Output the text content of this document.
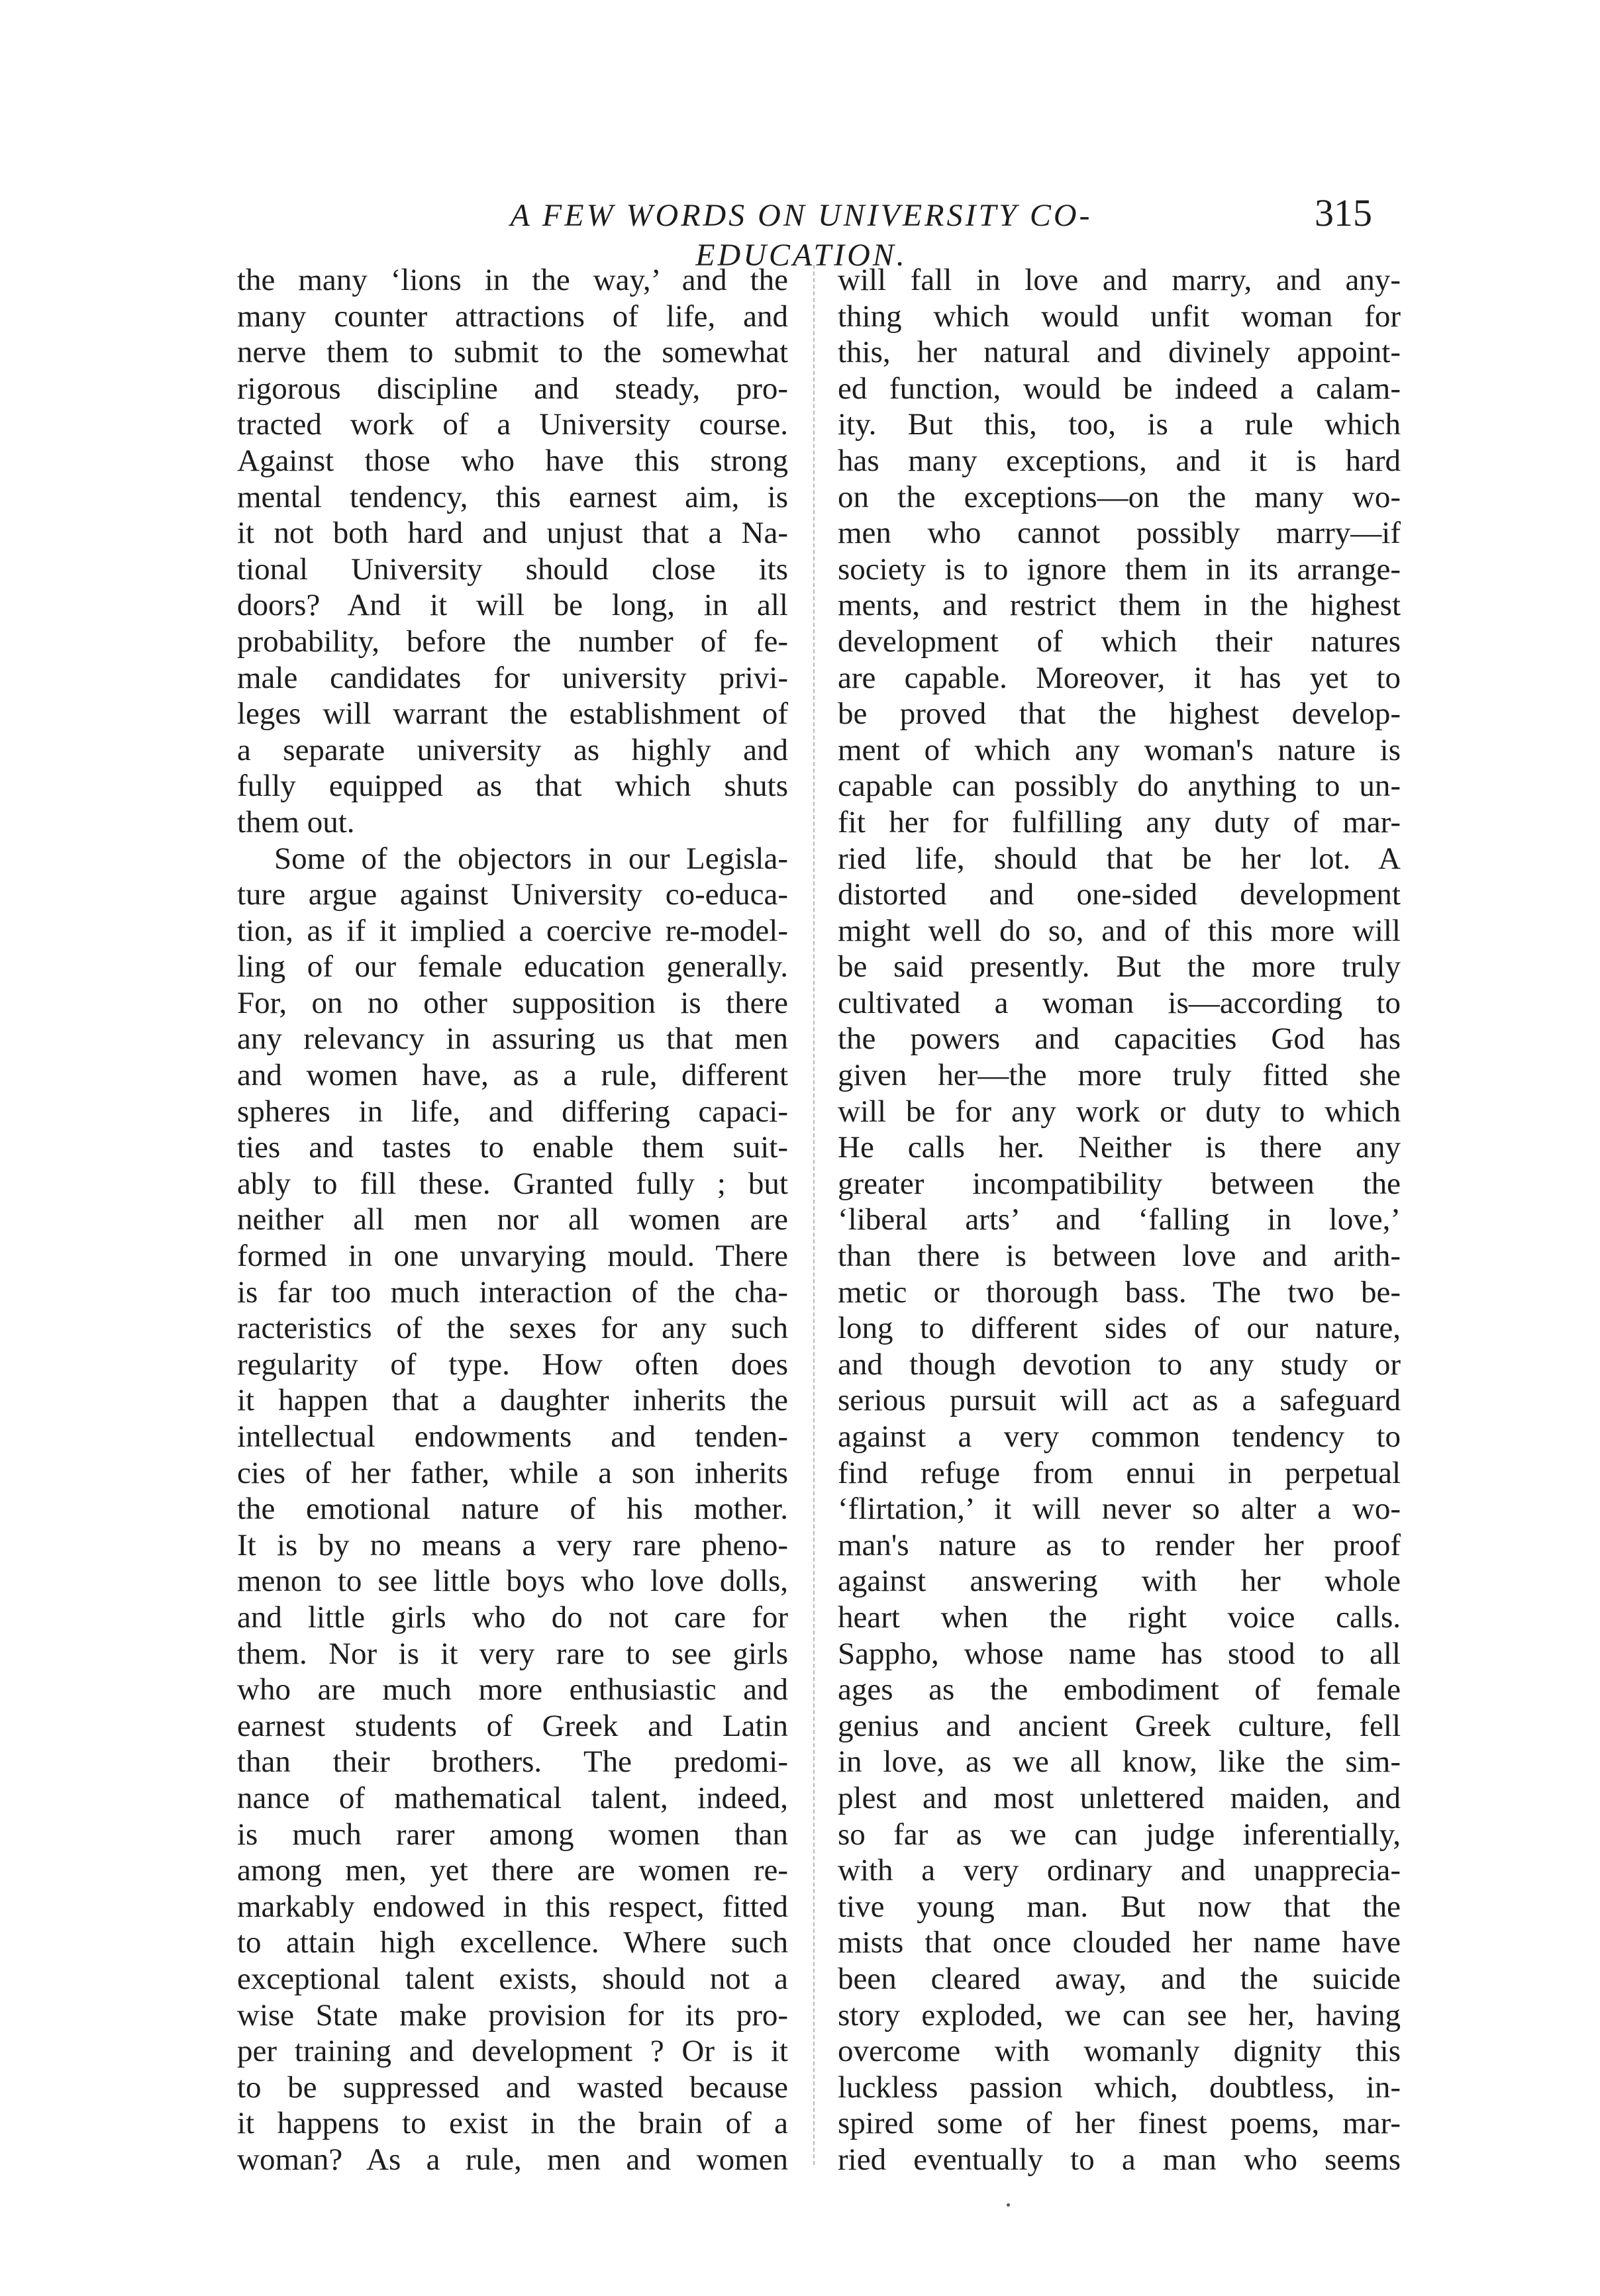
A FEW WORDS ON UNIVERSITY CO-EDUCATION.
315
the many ‘lions in the way,’ and the
many counter attractions of life, and
nerve them to submit to the somewhat
rigorous discipline and steady, pro-
tracted work of a University course.
Against those who have this strong
mental tendency, this earnest aim, is
it not both hard and unjust that a Na-
tional University should close its
doors? And it will be long, in all
probability, before the number of fe-
male candidates for university privi-
leges will warrant the establishment of
a separate university as highly and
fully equipped as that which shuts
them out.
Some of the objectors in our Legisla-
ture argue against University co-educa-
tion, as if it implied a coercive re-model-
ling of our female education generally.
For, on no other supposition is there
any relevancy in assuring us that men
and women have, as a rule, different
spheres in life, and differing capaci-
ties and tastes to enable them suit-
ably to fill these. Granted fully ; but
neither all men nor all women are
formed in one unvarying mould. There
is far too much interaction of the cha-
racteristics of the sexes for any such
regularity of type. How often does
it happen that a daughter inherits the
intellectual endowments and tenden-
cies of her father, while a son inherits
the emotional nature of his mother.
It is by no means a very rare pheno-
menon to see little boys who love dolls,
and little girls who do not care for
them. Nor is it very rare to see girls
who are much more enthusiastic and
earnest students of Greek and Latin
than their brothers. The predomi-
nance of mathematical talent, indeed,
is much rarer among women than
among men, yet there are women re-
markably endowed in this respect, fitted
to attain high excellence. Where such
exceptional talent exists, should not a
wise State make provision for its pro-
per training and development ? Or is it
to be suppressed and wasted because
it happens to exist in the brain of a
woman? As a rule, men and women
will fall in love and marry, and any-
thing which would unfit woman for
this, her natural and divinely appoint-
ed function, would be indeed a calam-
ity. But this, too, is a rule which
has many exceptions, and it is hard
on the exceptions—on the many wo-
men who cannot possibly marry—if
society is to ignore them in its arrange-
ments, and restrict them in the highest
development of which their natures
are capable. Moreover, it has yet to
be proved that the highest develop-
ment of which any woman's nature is
capable can possibly do anything to un-
fit her for fulfilling any duty of mar-
ried life, should that be her lot. A
distorted and one-sided development
might well do so, and of this more will
be said presently. But the more truly
cultivated a woman is—according to
the powers and capacities God has
given her—the more truly fitted she
will be for any work or duty to which
He calls her. Neither is there any
greater incompatibility between the
‘liberal arts’ and ‘falling in love,’
than there is between love and arith-
metic or thorough bass. The two be-
long to different sides of our nature,
and though devotion to any study or
serious pursuit will act as a safeguard
against a very common tendency to
find refuge from ennui in perpetual
‘flirtation,’ it will never so alter a wo-
man's nature as to render her proof
against answering with her whole
heart when the right voice calls.
Sappho, whose name has stood to all
ages as the embodiment of female
genius and ancient Greek culture, fell
in love, as we all know, like the sim-
plest and most unlettered maiden, and
so far as we can judge inferentially,
with a very ordinary and unapprecia-
tive young man. But now that the
mists that once clouded her name have
been cleared away, and the suicide
story exploded, we can see her, having
overcome with womanly dignity this
luckless passion which, doubtless, in-
spired some of her finest poems, mar-
ried eventually to a man who seems
